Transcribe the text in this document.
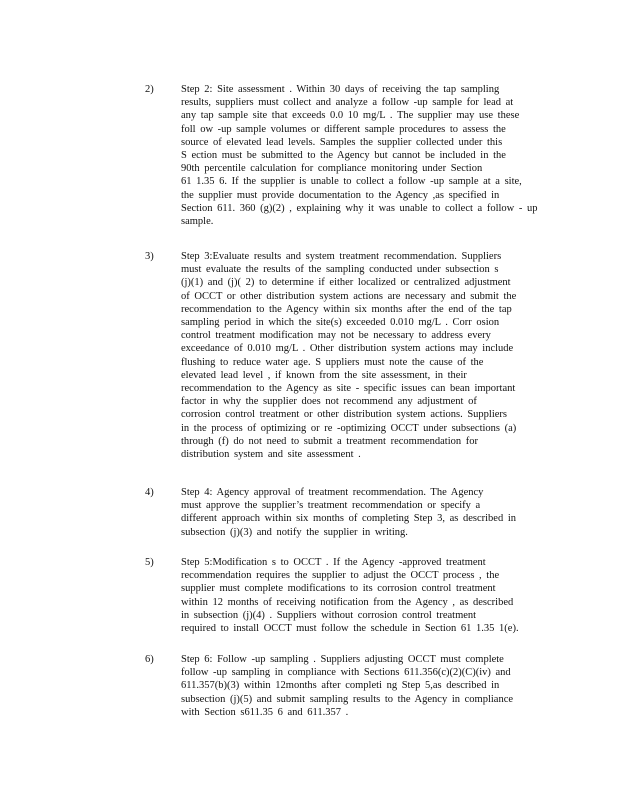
2)	Step 2: Site assessment . Within 30 days of receiving the tap sampling
results, suppliers must collect and analyze a follow -up sample for lead at
any tap sample site that exceeds 0.0 10 mg/L . The supplier may use these
foll ow -up sample volumes or different sample procedures to assess the
source of elevated lead levels. Samples the supplier collected under this
S ection must be submitted to the Agency but cannot be included in the
90th percentile calculation for compliance monitoring under Section
61 1.35 6. If the supplier is unable to collect a follow -up sample at a site,
the supplier must provide documentation to the Agency ,as specified in
Section 611. 360 (g)(2) , explaining why it was unable to collect a follow - up
sample.
3)	Step 3:Evaluate results and system treatment recommendation. Suppliers
must evaluate the results of the sampling conducted under subsection s
(j)(1) and (j)( 2) to determine if either localized or centralized adjustment
of OCCT or other distribution system actions are necessary and submit the
recommendation to the Agency within six months after the end of the tap
sampling period in which the site(s) exceeded 0.010 mg/L . Corr osion
control treatment modification may not be necessary to address every
exceedance of 0.010 mg/L . Other distribution system actions may include
flushing to reduce water age. S uppliers must note the cause of the
elevated lead level , if known from the site assessment, in their
recommendation to the Agency as site - specific issues can bean important
factor in why the supplier does not recommend any adjustment of
corrosion control treatment or other distribution system actions. Suppliers
in the process of optimizing or re -optimizing OCCT under subsections (a)
through (f) do not need to submit a treatment recommendation for
distribution system and site assessment .
4)	Step 4: Agency approval of treatment recommendation. The Agency
must approve the supplier’s treatment recommendation or specify a
different approach within six months of completing Step 3, as described in
subsection (j)(3) and notify the supplier in writing.
5)	Step 5:Modification s to OCCT . If the Agency -approved treatment
recommendation requires the supplier to adjust the OCCT process , the
supplier must complete modifications to its corrosion control treatment
within 12 months of receiving notification from the Agency , as described
in subsection (j)(4) . Suppliers without corrosion control treatment
required to install OCCT must follow the schedule in Section 61 1.35 1(e).
6)	Step 6: Follow -up sampling . Suppliers adjusting OCCT must complete
follow -up sampling in compliance with Sections 611.356(c)(2)(C)(iv) and
611.357(b)(3) within 12months after completi ng Step 5,as described in
subsection (j)(5) and submit sampling results to the Agency in compliance
with Section s611.35 6 and 611.357 .
